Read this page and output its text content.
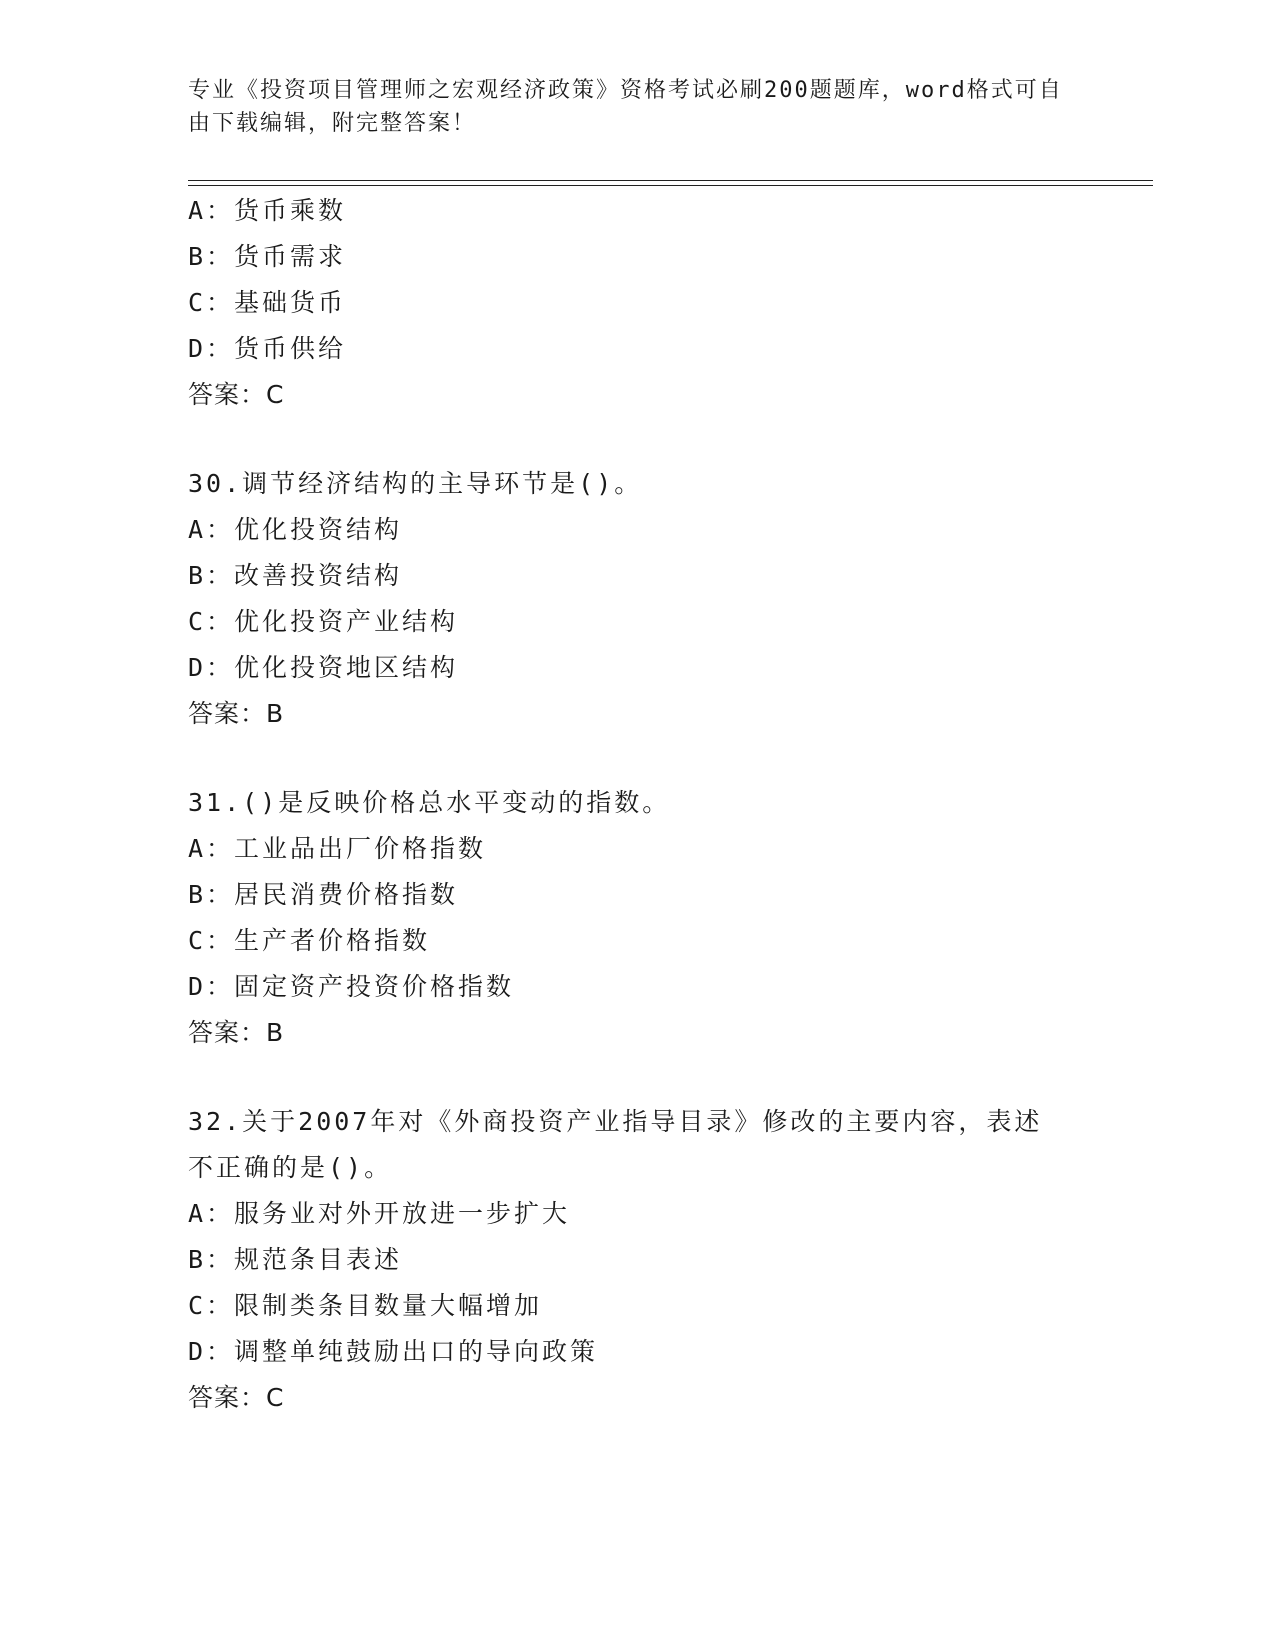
专业《投资项目管理师之宏观经济政策》资格考试必刷200题题库，word格式可自由下载编辑，附完整答案！
A：货币乘数
B：货币需求
C：基础货币
D：货币供给
答案：C
30.调节经济结构的主导环节是()。
A：优化投资结构
B：改善投资结构
C：优化投资产业结构
D：优化投资地区结构
答案：B
31.()是反映价格总水平变动的指数。
A：工业品出厂价格指数
B：居民消费价格指数
C：生产者价格指数
D：固定资产投资价格指数
答案：B
32.关于2007年对《外商投资产业指导目录》修改的主要内容，表述不正确的是()。
A：服务业对外开放进一步扩大
B：规范条目表述
C：限制类条目数量大幅增加
D：调整单纯鼓励出口的导向政策
答案：C
